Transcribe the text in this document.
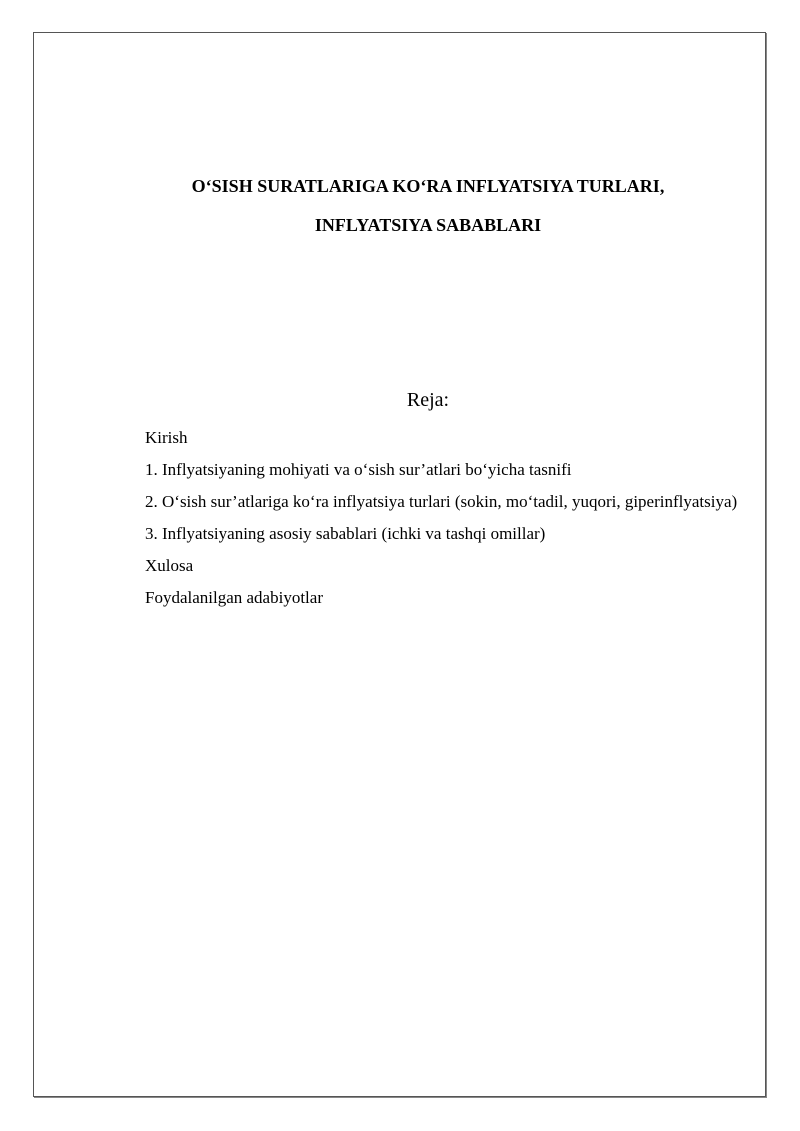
O‘SISH SURATLARIGA KO‘RA INFLYATSIYA TURLARI,
INFLYATSIYA SABABLARI
Reja:

Kirish

1. Inflyatsiyaning mohiyati va o‘sish sur’atlari bo‘yicha tasnifi

2. O‘sish sur’atlariga ko‘ra inflyatsiya turlari (sokin, mo‘tadil, yuqori, giperinflyatsiya)

3. Inflyatsiyaning asosiy sabablari (ichki va tashqi omillar)

Xulosa

Foydalanilgan adabiyotlar
